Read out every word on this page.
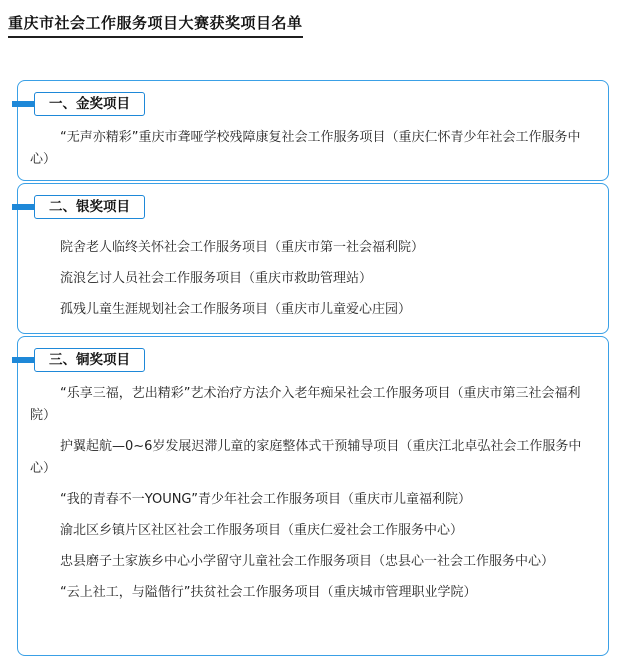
重庆市社会工作服务项目大赛获奖项目名单
一、金奖项目

“无声亦精彩”重庆市聋哑学校残障康复社会工作服务项目（重庆仁怀青少年社会工作服务中心）

二、银奖项目

院舍老人临终关怀社会工作服务项目（重庆市第一社会福利院）

流浪乞讨人员社会工作服务项目（重庆市救助管理站）

孤残儿童生涯规划社会工作服务项目（重庆市儿童爱心庄园）

三、铜奖项目

“乐享三福，艺出精彩”艺术治疗方法介入老年痴呆社会工作服务项目（重庆市第三社会福利院）

护翼起航—0~6岁发展迟滞儿童的家庭整体式干预辅导项目（重庆江北卓弘社会工作服务中心）

“我的青春不一YOUNG”青少年社会工作服务项目（重庆市儿童福利院）

渝北区乡镇片区社区社会工作服务项目（重庆仁爱社会工作服务中心）

忠县磨子土家族乡中心小学留守儿童社会工作服务项目（忠县心一社会工作服务中心）

“云上社工，与隘偕行”扶贫社会工作服务项目（重庆城市管理职业学院）
